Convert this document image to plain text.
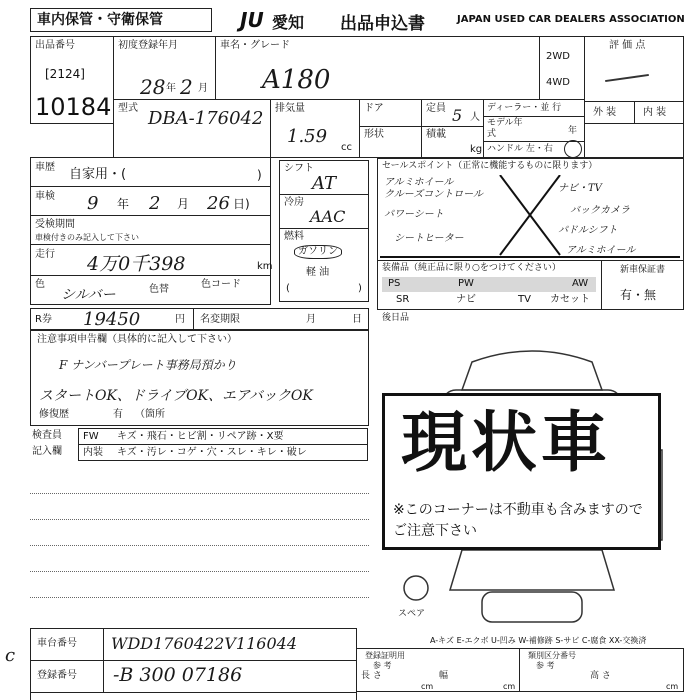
車内保管・守衛保管	JU 愛知 出品申込書	JAPAN USED CAR DEALERS ASSOCIATION
出品番号
[2124]
10184
初度登録年月
28 年 2 月
車名・グレード
A180
2WD
4WD
評 価 点
外 装	内 装
型式 DBA-176042 排気量
1.59
cc
ドア
形状
定員 5 人
積載
kg
ディーラー・並 行
モデル年式	年
ハンドル 左・右
車歴 自家用・(	)
車検 9 年 2 月 26 日)
受検期間
車検付きのみ記入して下さい
走行 4万0千398	km
色
シルバー	色替	色コード
シフト
AT
冷房
AAC
燃料
ガソリン
軽 油
(	)
セールスポイント（正常に機能するものに限ります）
アルミホイール
クルーズコントロール
ナビ・TV
パワーシート	バックカメラ
シートヒーター
パドルシフト
アルミホイール
装備品（純正品に限り○をつけてください）
PS	PW	AW
SR	ナビ	TV カセット
新車保証書
有・無
R券 19450	円 名変期限	月	日 後日品
注意事項申告欄（具体的に記入して下さい）
F ナンバープレート事務局預かり
スタートOK、ドライブOK、エアバックOK
修復歴	有 （箇所
検査員
記入欄
FW キズ・飛石・ヒビ割・リペア跡・X要
内装 キズ・汚レ・コゲ・穴・スレ・キレ・破レ
スペア
現状車
※このコーナーは不動車も含みますのでご注意下さい
A-キズ E-エクボ U-凹み W-補修跡 S-サビ C-腐食 XX-交換済
車台番号 WDD1760422V116044
登録番号 -B 300 07186
登録証明用
参 考
長 さ
cm
幅
cm
類別区分番号
参 考
高 さ
cm
c
